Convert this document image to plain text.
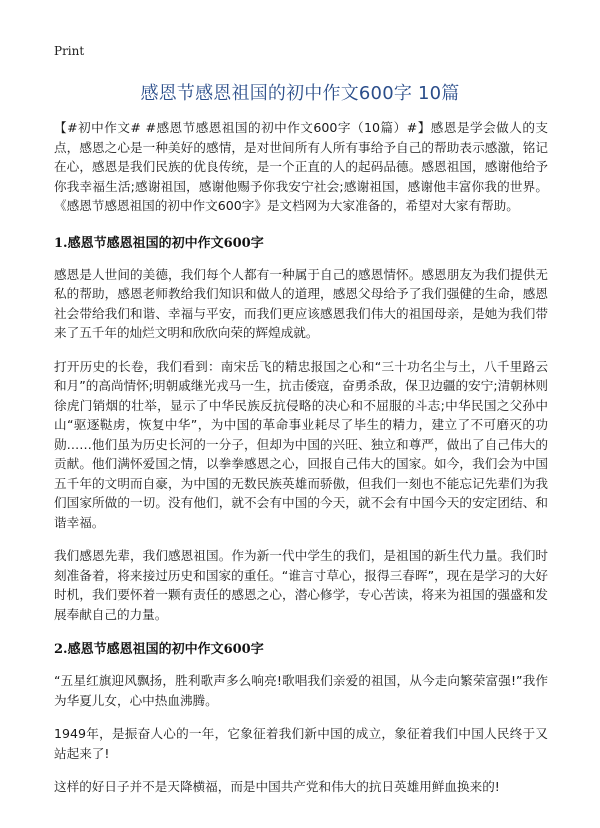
Print
感恩节感恩祖国的初中作文600字 10篇

【#初中作文# #感恩节感恩祖国的初中作文600字（10篇）#】感恩是学会做人的支点，感恩之心是一种美好的感情，是对世间所有人所有事给予自己的帮助表示感激，铭记在心，感恩是我们民族的优良传统，是一个正直的人的起码品德。感恩祖国，感谢他给予你我幸福生活;感谢祖国，感谢他赐予你我安宁社会;感谢祖国，感谢他丰富你我的世界。《感恩节感恩祖国的初中作文600字》是文档网为大家准备的，希望对大家有帮助。

1.感恩节感恩祖国的初中作文600字

感恩是人世间的美德，我们每个人都有一种属于自己的感恩情怀。感恩朋友为我们提供无私的帮助，感恩老师教给我们知识和做人的道理，感恩父母给予了我们强健的生命，感恩社会带给我们和谐、幸福与平安，而我们更应该感恩我们伟大的祖国母亲，是她为我们带来了五千年的灿烂文明和欣欣向荣的辉煌成就。

打开历史的长卷，我们看到：南宋岳飞的精忠报国之心和“三十功名尘与土，八千里路云和月”的高尚情怀;明朝戚继光戎马一生，抗击倭寇，奋勇杀敌，保卫边疆的安宁;清朝林则徐虎门销烟的壮举，显示了中华民族反抗侵略的决心和不屈服的斗志;中华民国之父孙中山“驱逐鞑虏，恢复中华”，为中国的革命事业耗尽了毕生的精力，建立了不可磨灭的功勋……他们虽为历史长河的一分子，但却为中国的兴旺、独立和尊严，做出了自己伟大的贡献。他们满怀爱国之情，以拳拳感恩之心，回报自己伟大的国家。如今，我们会为中国五千年的文明而自豪，为中国的无数民族英雄而骄傲，但我们一刻也不能忘记先辈们为我们国家所做的一切。没有他们，就不会有中国的今天，就不会有中国今天的安定团结、和谐幸福。

我们感恩先辈，我们感恩祖国。作为新一代中学生的我们，是祖国的新生代力量。我们时刻准备着，将来接过历史和国家的重任。“谁言寸草心，报得三春晖”，现在是学习的大好时机，我们要怀着一颗有责任的感恩之心，潜心修学，专心苦读，将来为祖国的强盛和发展奉献自己的力量。

2.感恩节感恩祖国的初中作文600字

“五星红旗迎风飘扬，胜利歌声多么响亮!歌唱我们亲爱的祖国，从今走向繁荣富强!”我作为华夏儿女，心中热血沸腾。

1949年，是振奋人心的一年，它象征着我们新中国的成立，象征着我们中国人民终于又站起来了!

这样的好日子并不是天降横福，而是中国共产党和伟大的抗日英雄用鲜血换来的!
